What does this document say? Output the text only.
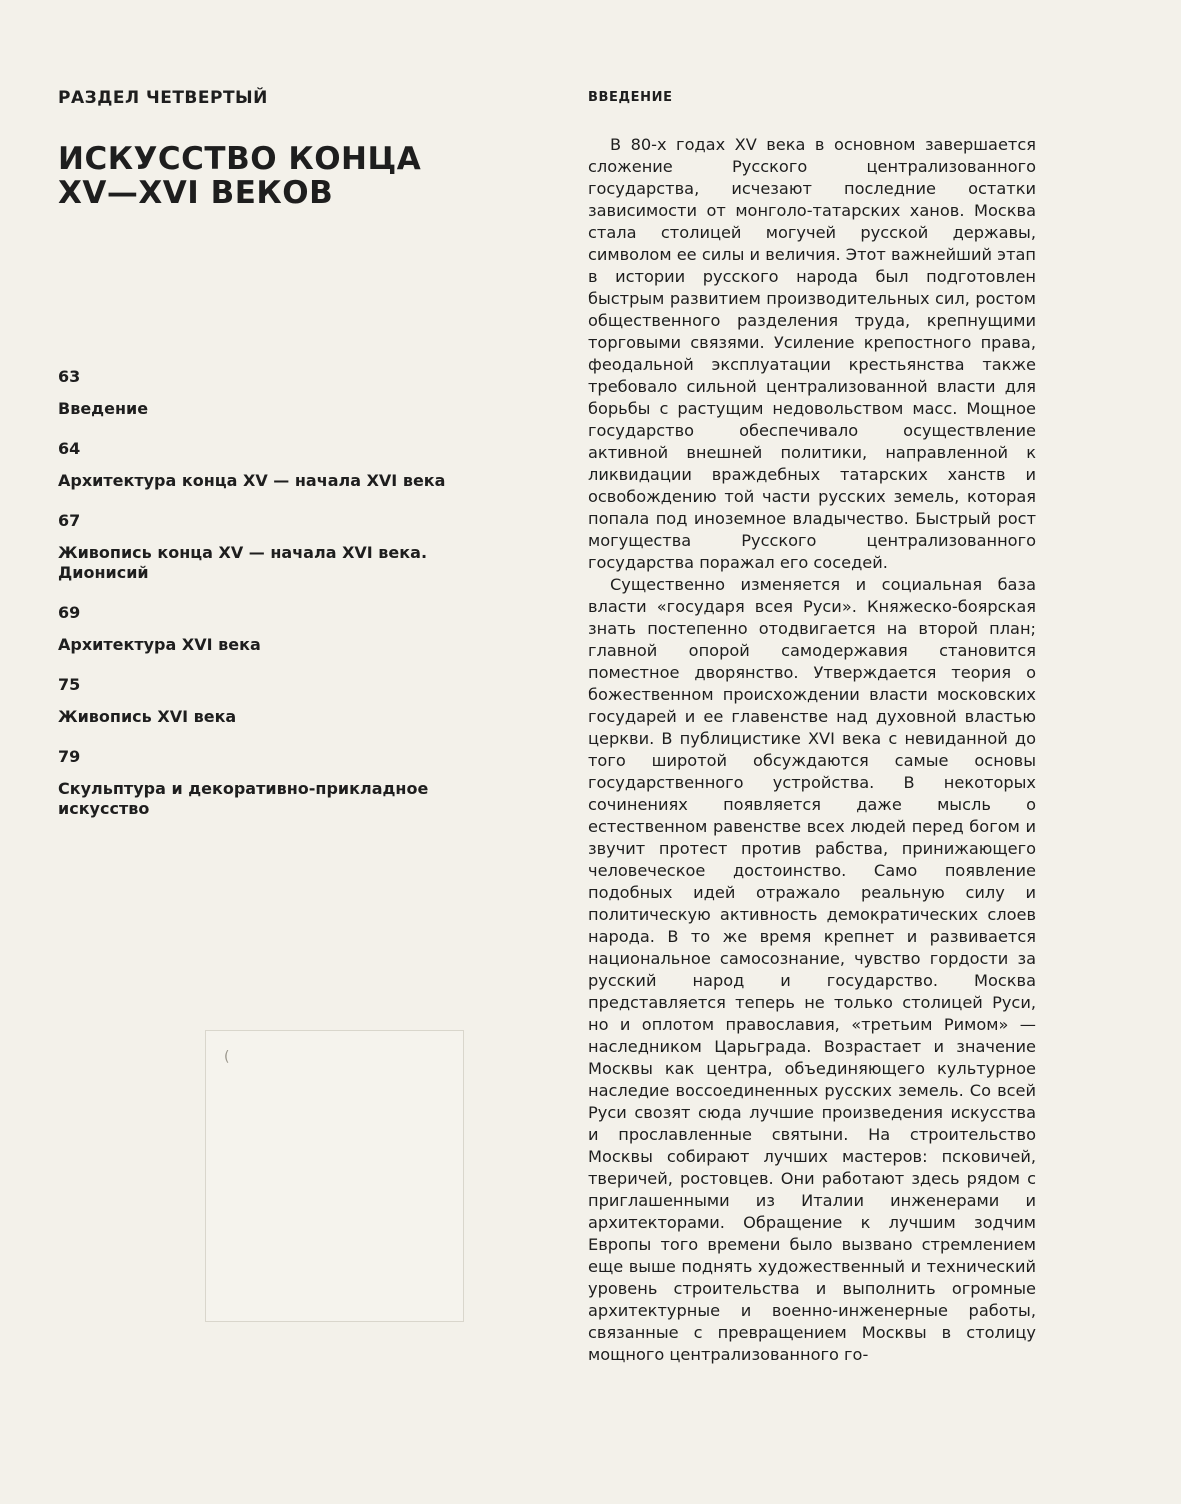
РАЗДЕЛ ЧЕТВЕРТЫЙ

ИСКУССТВО КОНЦА
XV—XVI ВЕКОВ

63

Введение

64

Архитектура конца XV — начала XVI века

67

Живопись конца XV — начала XVI века.
Дионисий

69

Архитектура XVI века

75

Живопись XVI века

79

Скульптура и декоративно-прикладное
искусство

(

ВВЕДЕНИЕ

В 80-х годах XV века в основном завершается сложение Русского централизованного государства, исчезают последние остатки зависимости от монголо-татарских ханов. Москва стала столицей могучей русской державы, символом ее силы и величия. Этот важнейший этап в истории русского народа был подготовлен быстрым развитием производительных сил, ростом общественного разделения труда, крепнущими торговыми связями. Усиление крепостного права, феодальной эксплуатации крестьянства также требовало сильной централизованной власти для борьбы с растущим недовольством масс. Мощное государство обеспечивало осуществление активной внешней политики, направленной к ликвидации враждебных татарских ханств и освобождению той части русских земель, которая попала под иноземное владычество. Быстрый рост могущества Русского централизованного государства поражал его соседей.

Существенно изменяется и социальная база власти «государя всея Руси». Княжеско-боярская знать постепенно отодвигается на второй план; главной опорой самодержавия становится поместное дворянство. Утверждается теория о божественном происхождении власти московских государей и ее главенстве над духовной властью церкви. В публицистике XVI века с невиданной до того широтой обсуждаются самые основы государственного устройства. В некоторых сочинениях появляется даже мысль о естественном равенстве всех людей перед богом и звучит протест против рабства, принижающего человеческое достоинство. Само появление подобных идей отражало реальную силу и политическую активность демократических слоев народа. В то же время крепнет и развивается национальное самосознание, чувство гордости за русский народ и государство. Москва представляется теперь не только столицей Руси, но и оплотом православия, «третьим Римом» — наследником Царьграда. Возрастает и значение Москвы как центра, объединяющего культурное наследие воссоединенных русских земель. Со всей Руси свозят сюда лучшие произведения искусства и прославленные святыни. На строительство Москвы собирают лучших мастеров: псковичей, тверичей, ростовцев. Они работают здесь рядом с приглашенными из Италии инженерами и архитекторами. Обращение к лучшим зодчим Европы того времени было вызвано стремлением еще выше поднять художественный и технический уровень строительства и выполнить огромные архитектурные и военно-инженерные работы, связанные с превращением Москвы в столицу мощного централизованного го-
